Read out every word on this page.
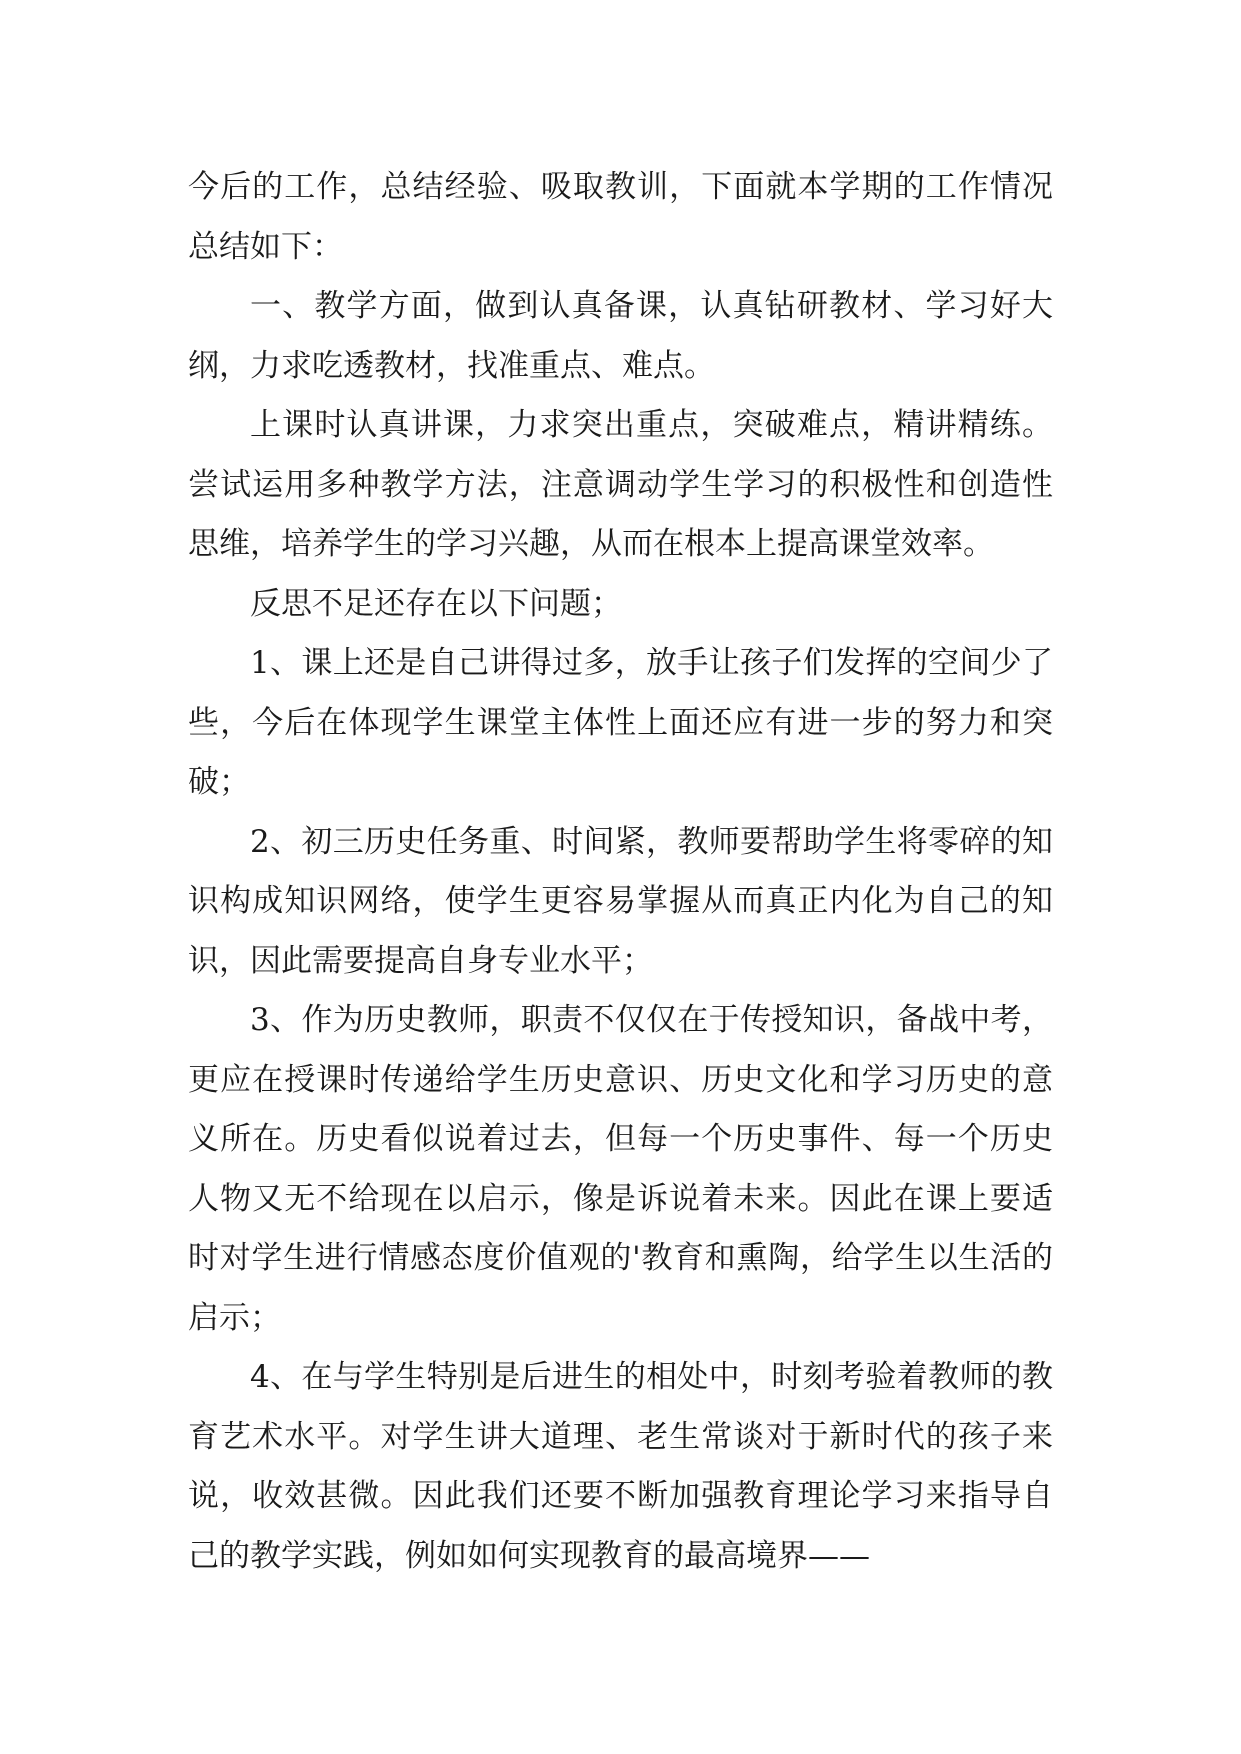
今后的工作，总结经验、吸取教训，下面就本学期的工作情况总结如下：

一、教学方面，做到认真备课，认真钻研教材、学习好大纲，力求吃透教材，找准重点、难点。

上课时认真讲课，力求突出重点，突破难点，精讲精练。尝试运用多种教学方法，注意调动学生学习的积极性和创造性思维，培养学生的学习兴趣，从而在根本上提高课堂效率。

反思不足还存在以下问题；

1、课上还是自己讲得过多，放手让孩子们发挥的空间少了些，今后在体现学生课堂主体性上面还应有进一步的努力和突破；

2、初三历史任务重、时间紧，教师要帮助学生将零碎的知识构成知识网络，使学生更容易掌握从而真正内化为自己的知识，因此需要提高自身专业水平；

3、作为历史教师，职责不仅仅在于传授知识，备战中考，更应在授课时传递给学生历史意识、历史文化和学习历史的意义所在。历史看似说着过去，但每一个历史事件、每一个历史人物又无不给现在以启示，像是诉说着未来。因此在课上要适时对学生进行情感态度价值观的'教育和熏陶，给学生以生活的启示；

4、在与学生特别是后进生的相处中，时刻考验着教师的教育艺术水平。对学生讲大道理、老生常谈对于新时代的孩子来说，收效甚微。因此我们还要不断加强教育理论学习来指导自己的教学实践，例如如何实现教育的最高境界——
